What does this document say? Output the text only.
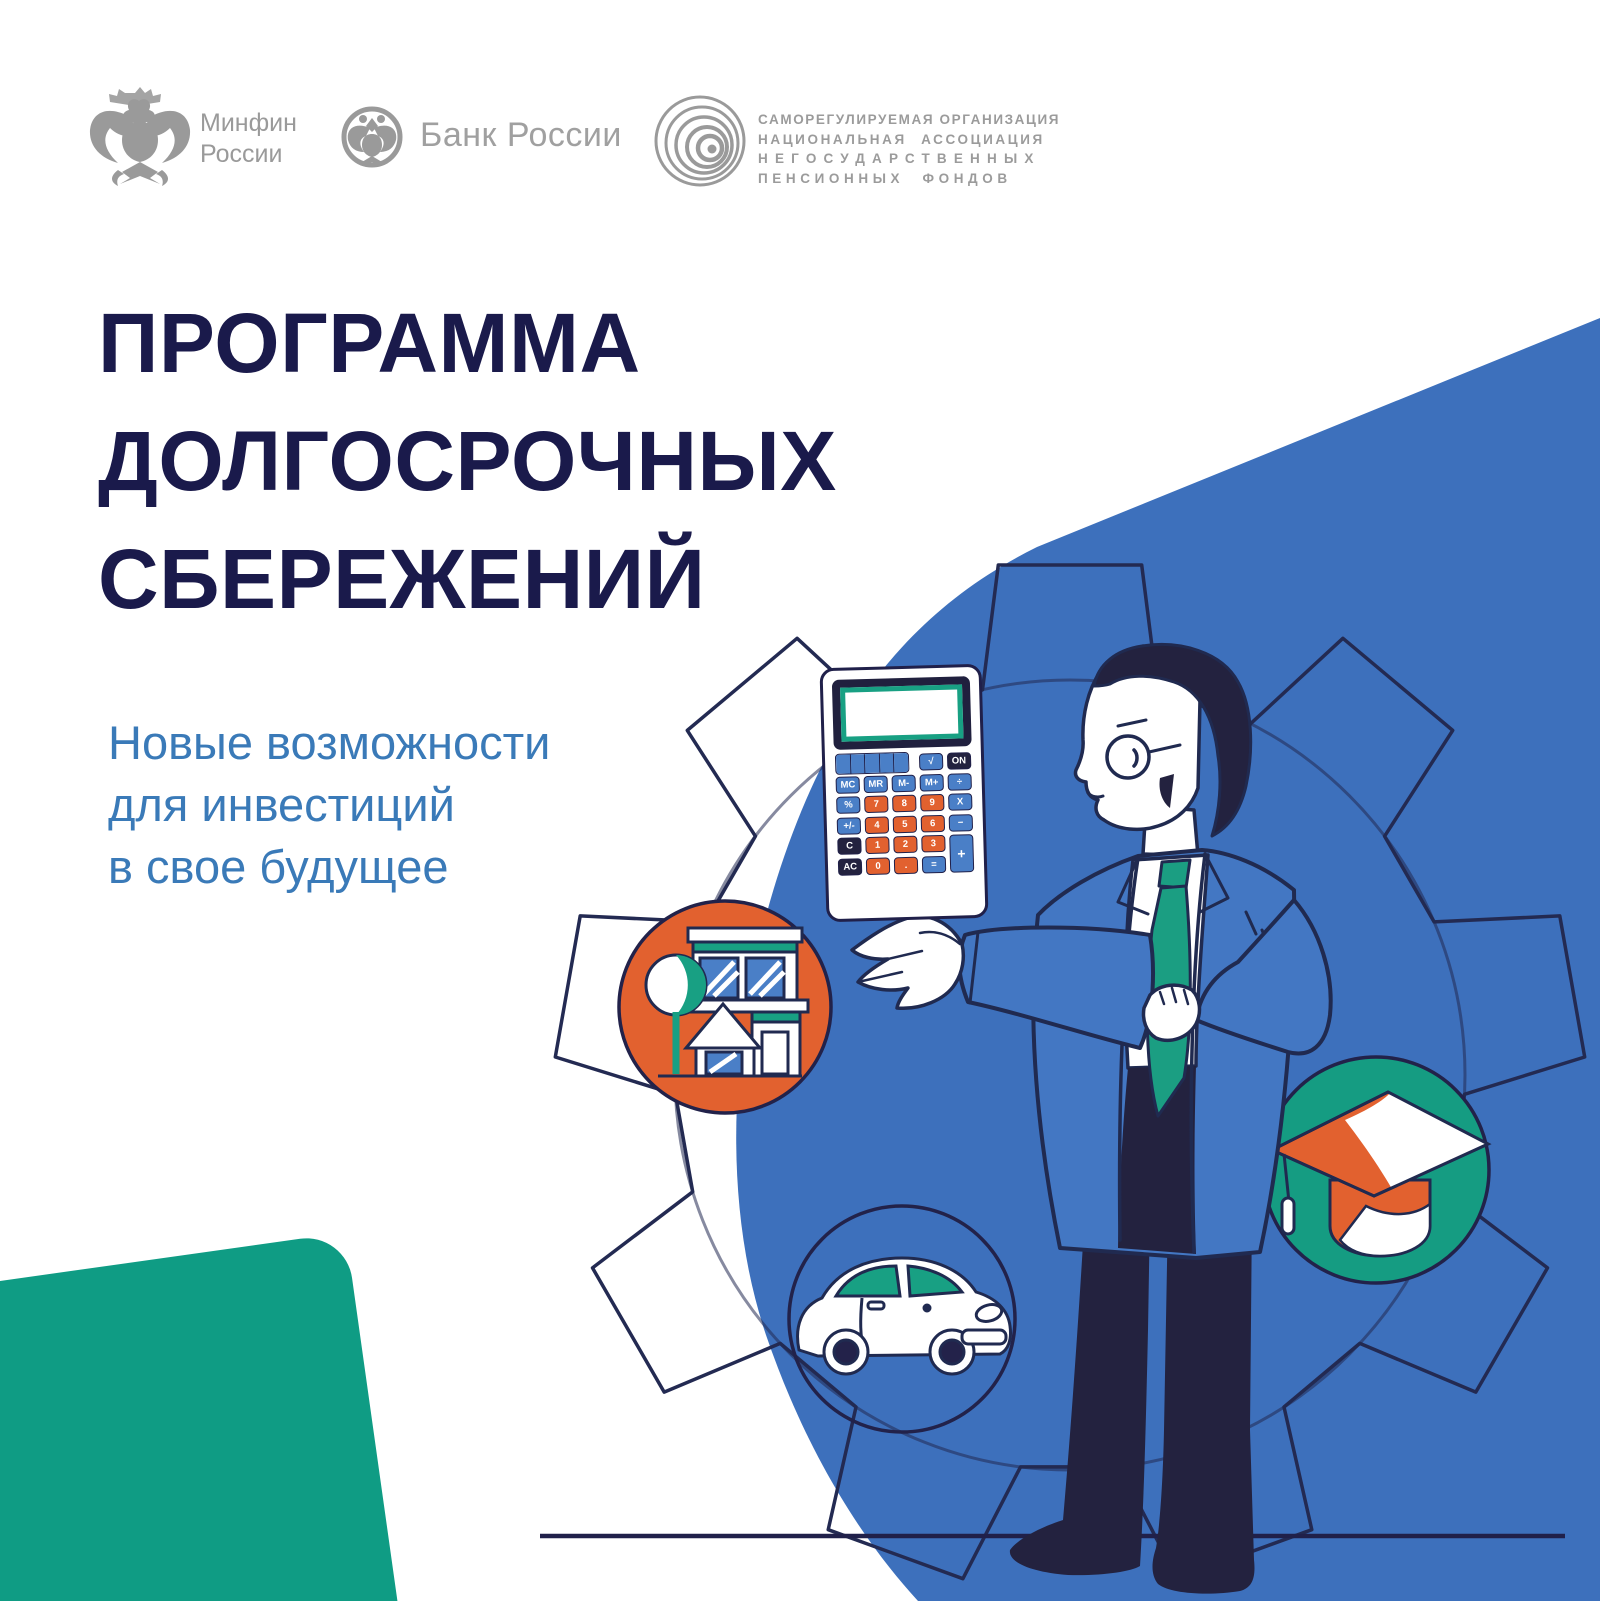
√	ON
MC	MR	M-	M+	÷
%	7	8	9	X
+/-	4	5	6	−
C	1	2	3
+
AC	0	.	=
Минфин
России	Банк России	САМОРЕГУЛИРУЕМАЯ ОРГАНИЗАЦИЯ
НАЦИОНАЛЬНАЯ АССОЦИАЦИЯ
НЕГОСУДАРСТВЕННЫХ
ПЕНСИОННЫХ ФОНДОВ
ПРОГРАММА
ДОЛГОСРОЧНЫХ
СБЕРЕЖЕНИЙ
Новые возможности
для инвестиций
в свое будущее
